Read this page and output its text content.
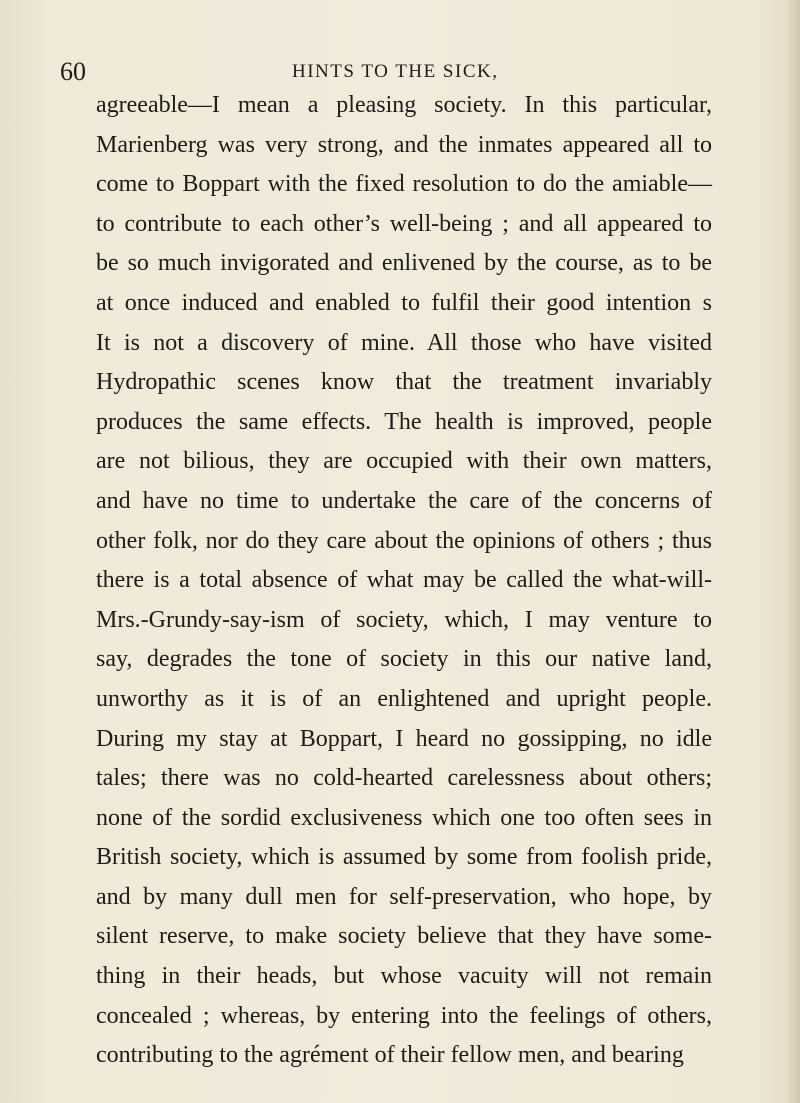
60	HINTS TO THE SICK,
agreeable—I mean a pleasing society. In this particular,
Marienberg was very strong, and the inmates appeared all to
come to Boppart with the fixed resolution to do the amiable—
to contribute to each other’s well-being ; and all appeared to
be so much invigorated and enlivened by the course, as to be
at once induced and enabled to fulfil their good intention s
It is not a discovery of mine. All those who have visited
Hydropathic scenes know that the treatment invariably
produces the same effects. The health is improved, people
are not bilious, they are occupied with their own matters,
and have no time to undertake the care of the concerns of
other folk, nor do they care about the opinions of others ; thus
there is a total absence of what may be called the what-will-
Mrs.-Grundy-say-ism of society, which, I may venture to
say, degrades the tone of society in this our native land,
unworthy as it is of an enlightened and upright people.
During my stay at Boppart, I heard no gossipping, no idle
tales; there was no cold-hearted carelessness about others;
none of the sordid exclusiveness which one too often sees in
British society, which is assumed by some from foolish pride,
and by many dull men for self-preservation, who hope, by
silent reserve, to make society believe that they have some-
thing in their heads, but whose vacuity will not remain
concealed ; whereas, by entering into the feelings of others,
contributing to the agrément of their fellow men, and bearing
